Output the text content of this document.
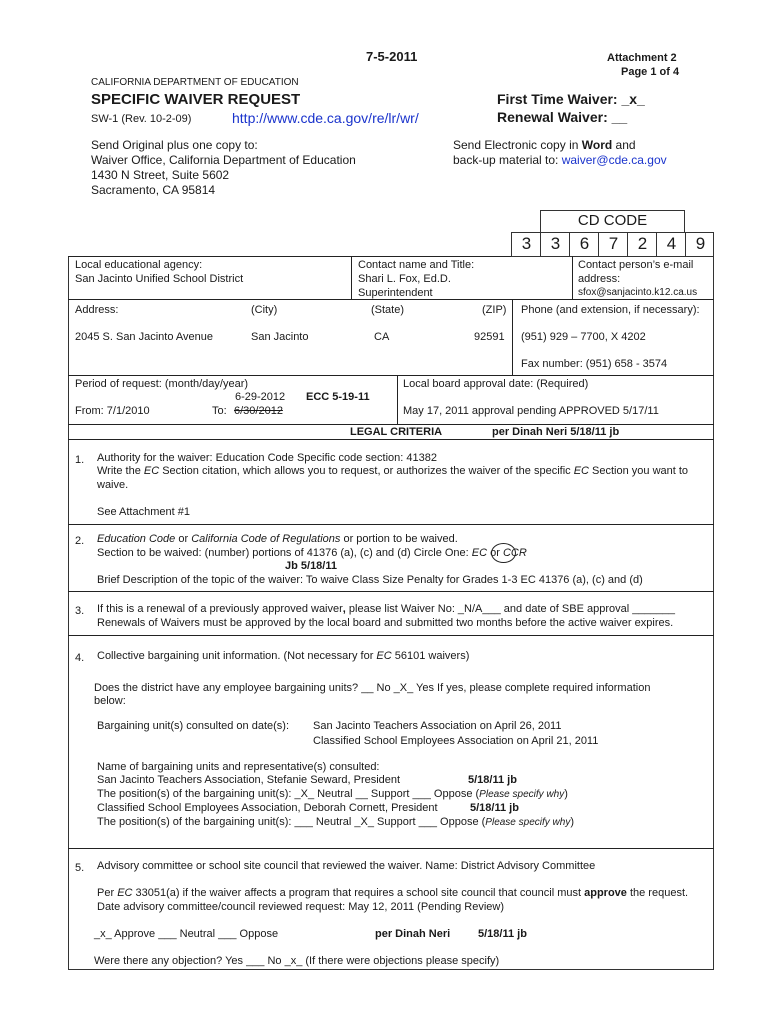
7-5-2011	Attachment 2
Page 1 of 4
CALIFORNIA DEPARTMENT OF EDUCATION
SPECIFIC WAIVER REQUEST
SW-1 (Rev. 10-2-09)	http://www.cde.ca.gov/re/lr/wr/
First Time Waiver: _x_
Renewal Waiver: __
Send Original plus one copy to:
Waiver Office, California Department of Education
1430 N Street, Suite 5602
Sacramento, CA 95814
Send Electronic copy in Word and
back-up material to: waiver@cde.ca.gov
CD CODE
3	3	6	7	2	4	9
Local educational agency:
San Jacinto Unified School District
Contact name and Title:
Shari L. Fox, Ed.D.
Superintendent
Contact person’s e-mail
address:
sfox@sanjacinto.k12.ca.us
Address:	(City)	(State)	(ZIP) Phone (and extension, if necessary):
2045 S. San Jacinto Avenue	San Jacinto	CA	92591 (951) 929 – 7700, X 4202
Fax number: (951) 658 - 3574
Period of request: (month/day/year)
6-29-2012 ECC 5-19-11
From: 7/1/2010	To: 6/30/2012
Local board approval date: (Required)
May 17, 2011 approval pending APPROVED 5/17/11
LEGAL CRITERIA	per Dinah Neri 5/18/11 jb
1. Authority for the waiver: Education Code Specific code section: 41382
Write the EC Section citation, which allows you to request, or authorizes the waiver of the specific EC Section you want to
waive.
See Attachment #1
2. Education Code or California Code of Regulations or portion to be waived.
Section to be waived: (number) portions of 41376 (a), (c) and (d) Circle One: EC or CCR
Jb 5/18/11
Brief Description of the topic of the waiver: To waive Class Size Penalty for Grades 1-3 EC 41376 (a), (c) and (d)
3. If this is a renewal of a previously approved waiver, please list Waiver No: _N/A___ and date of SBE approval _______
Renewals of Waivers must be approved by the local board and submitted two months before the active waiver expires.
4. Collective bargaining unit information. (Not necessary for EC 56101 waivers)
Does the district have any employee bargaining units? __ No _X_ Yes If yes, please complete required information
below:
Bargaining unit(s) consulted on date(s): San Jacinto Teachers Association on April 26, 2011
Classified School Employees Association on April 21, 2011
Name of bargaining units and representative(s) consulted:
San Jacinto Teachers Association, Stefanie Seward, President	5/18/11 jb
The position(s) of the bargaining unit(s): _X_ Neutral __ Support ___ Oppose (Please specify why)
Classified School Employees Association, Deborah Cornett, President	5/18/11 jb
The position(s) of the bargaining unit(s): ___ Neutral _X_ Support ___ Oppose (Please specify why)
5. Advisory committee or school site council that reviewed the waiver. Name: District Advisory Committee
Per EC 33051(a) if the waiver affects a program that requires a school site council that council must approve the request.
Date advisory committee/council reviewed request: May 12, 2011 (Pending Review)
_x_ Approve ___ Neutral ___ Oppose	per Dinah Neri	5/18/11 jb
Were there any objection? Yes ___ No _x_ (If there were objections please specify)
